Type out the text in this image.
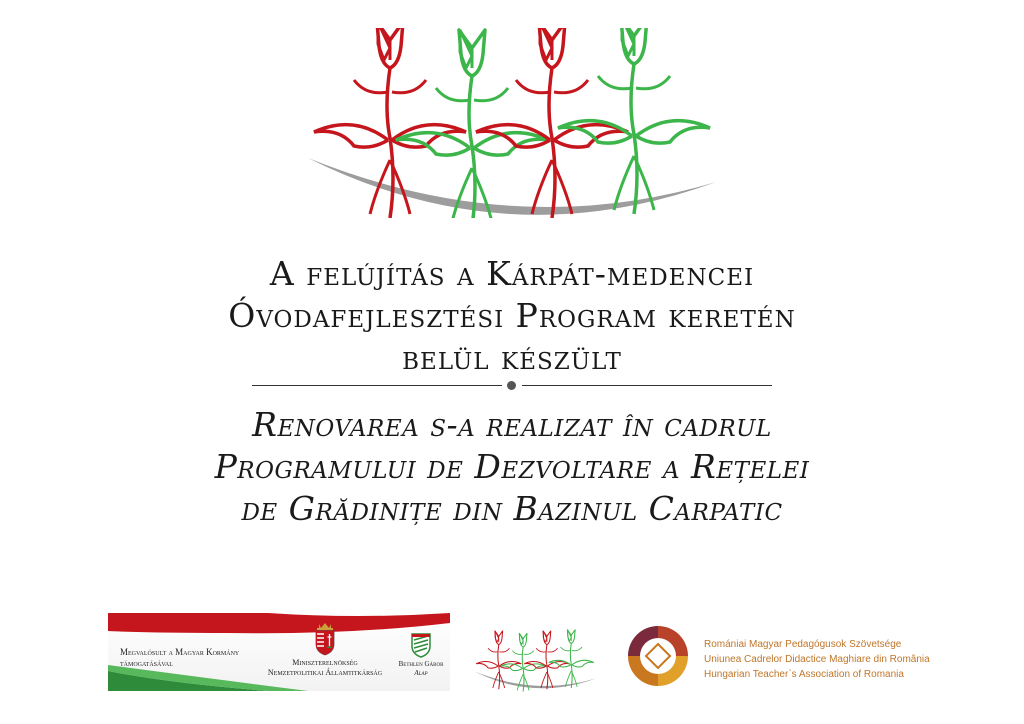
A felújítás a Kárpát-medencei
Óvodafejlesztési Program keretén
belül készült
Renovarea s-a realizat în cadrul
Programului de Dezvoltare a Rețelei
de Grădinițe din Bazinul Carpatic
Megvalósult a Magyar Kormány
támogatásával	Miniszterelnökség
Nemzetpolitikai Államtitkárság
Bethlen Gábor
Alap
Romániai Magyar Pedagógusok Szövetsége
Uniunea Cadrelor Didactice Maghiare din România
Hungarian Teacher`s Association of Romania
